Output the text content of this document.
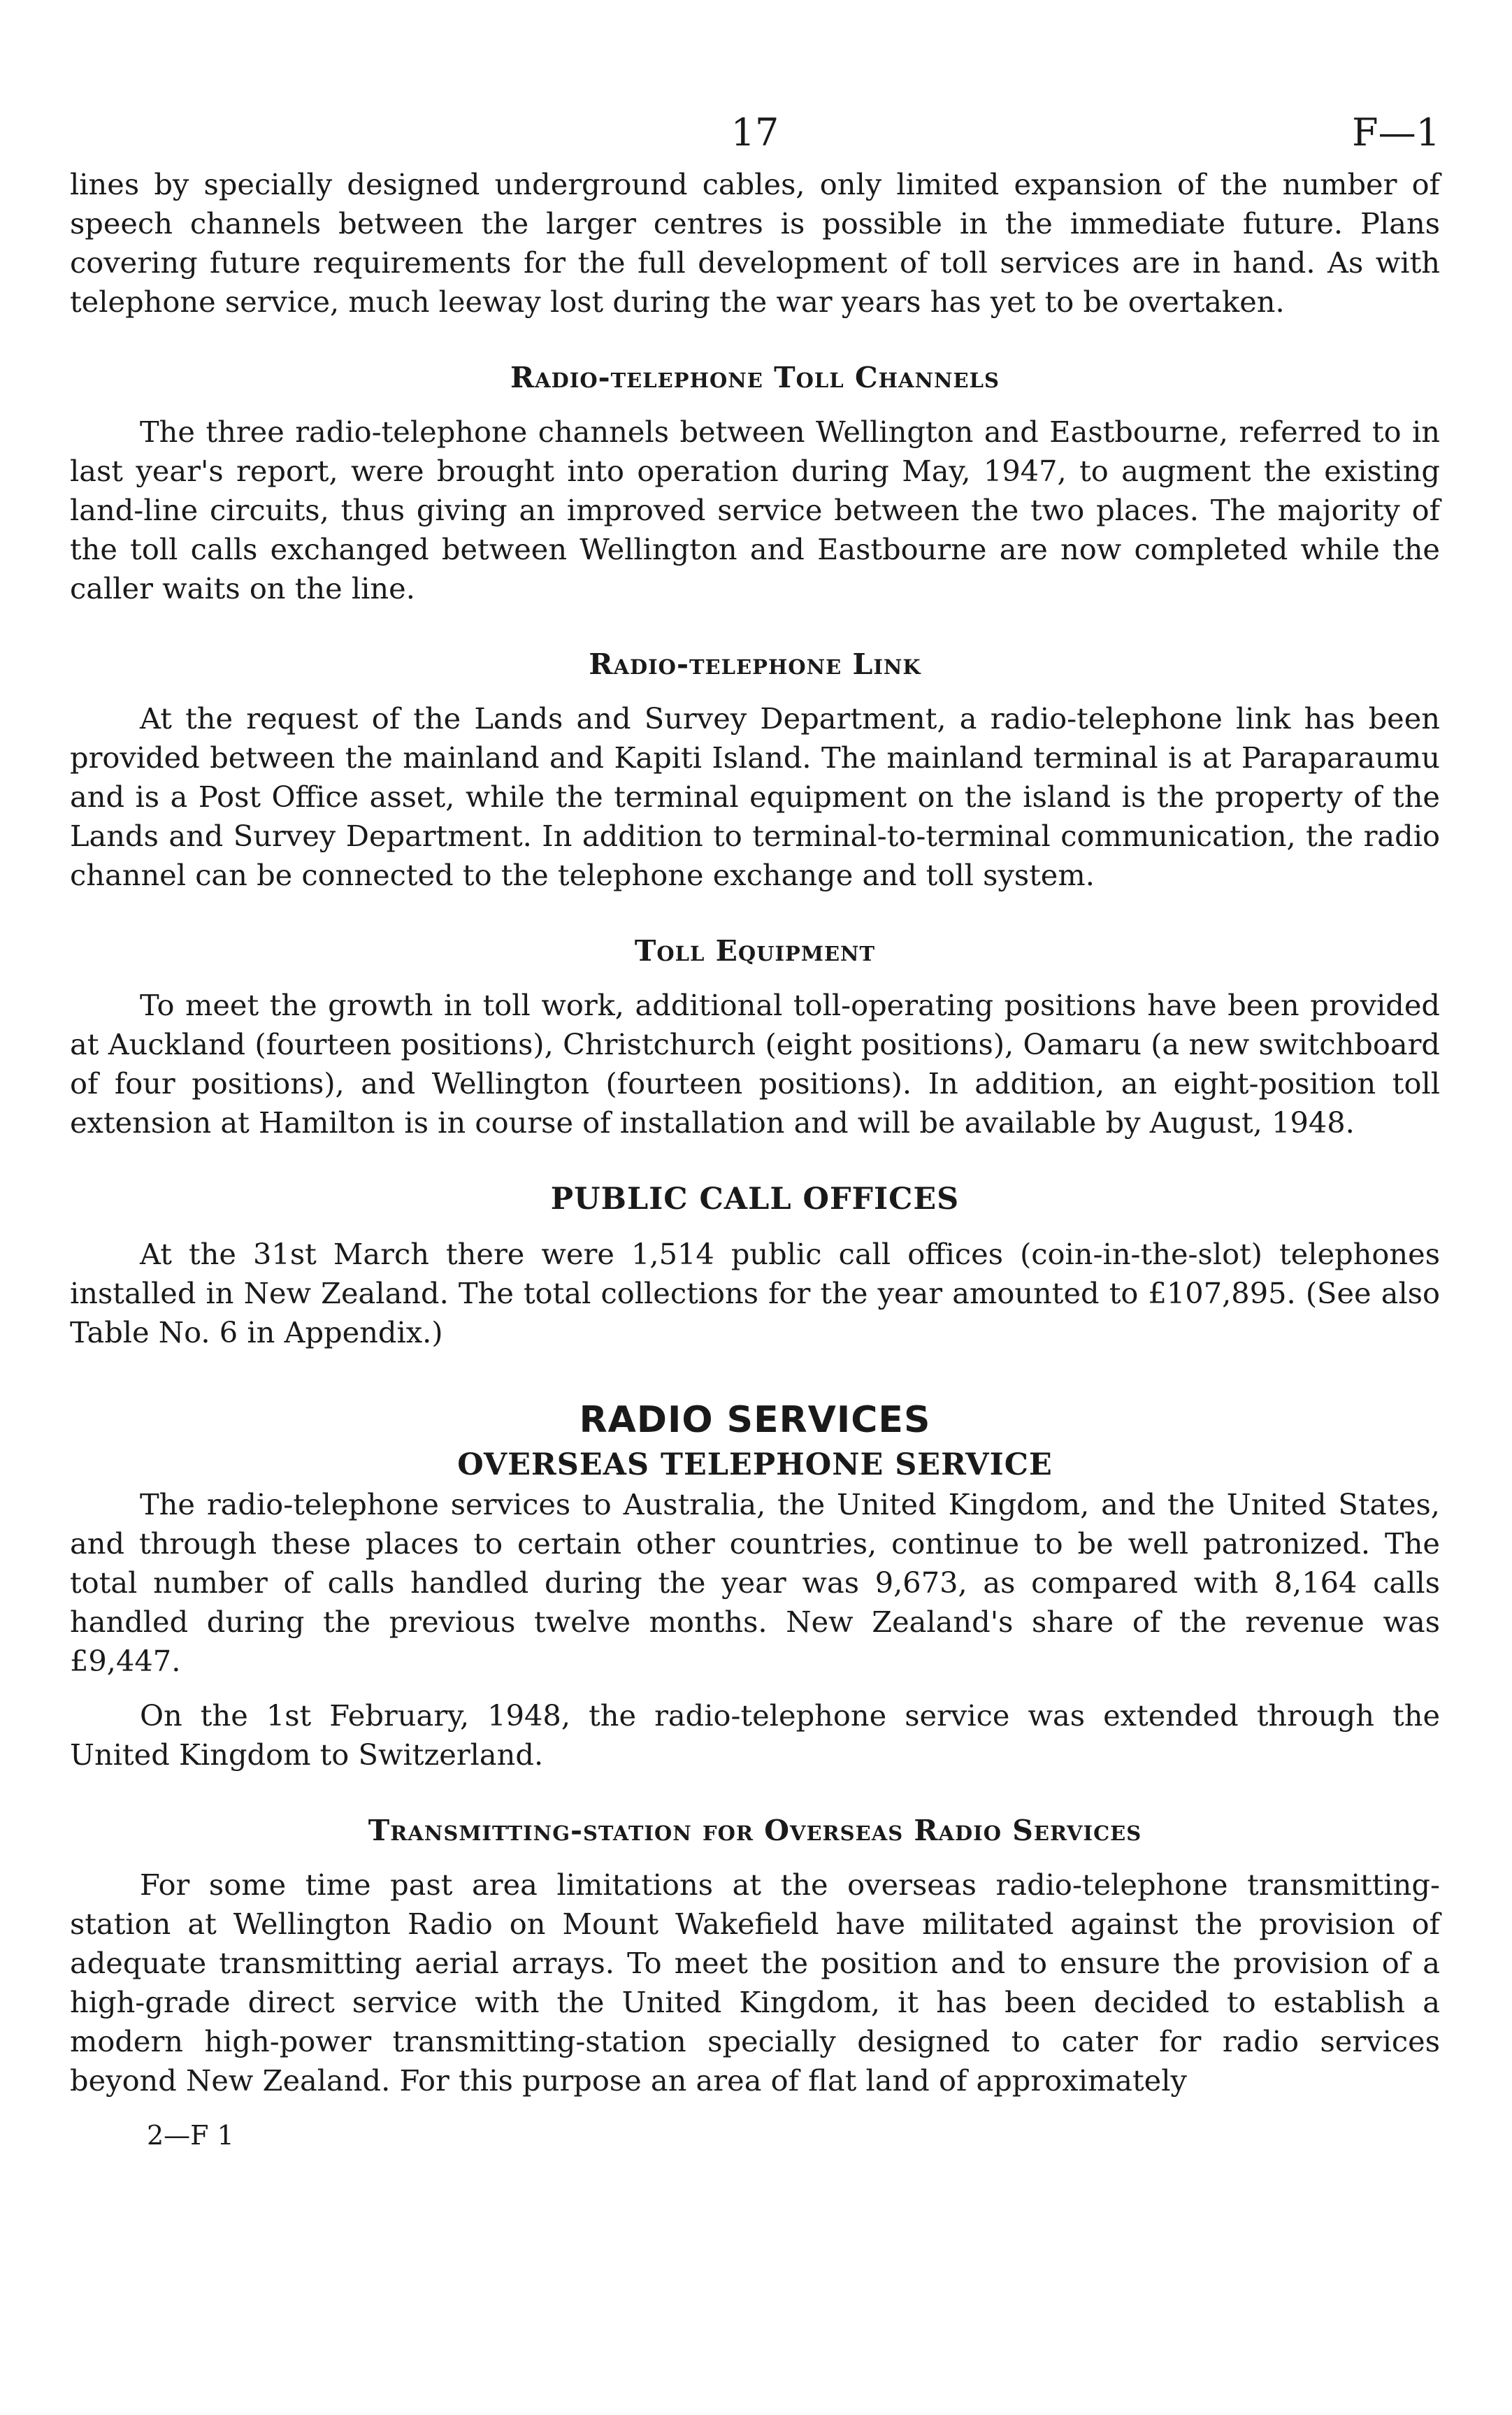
17	F—1

lines by specially designed underground cables, only limited expansion of the number of speech channels between the larger centres is possible in the immediate future. Plans covering future requirements for the full development of toll services are in hand. As with telephone service, much leeway lost during the war years has yet to be overtaken.

Radio-telephone Toll Channels

The three radio-telephone channels between Wellington and Eastbourne, referred to in last year's report, were brought into operation during May, 1947, to augment the existing land-line circuits, thus giving an improved service between the two places. The majority of the toll calls exchanged between Wellington and Eastbourne are now completed while the caller waits on the line.

Radio-telephone Link

At the request of the Lands and Survey Department, a radio-telephone link has been provided between the mainland and Kapiti Island. The mainland terminal is at Paraparaumu and is a Post Office asset, while the terminal equipment on the island is the property of the Lands and Survey Department. In addition to terminal-to-terminal communication, the radio channel can be connected to the telephone exchange and toll system.

Toll Equipment

To meet the growth in toll work, additional toll-operating positions have been provided at Auckland (fourteen positions), Christchurch (eight positions), Oamaru (a new switchboard of four positions), and Wellington (fourteen positions). In addition, an eight-position toll extension at Hamilton is in course of installation and will be available by August, 1948.

PUBLIC CALL OFFICES

At the 31st March there were 1,514 public call offices (coin-in-the-slot) telephones installed in New Zealand. The total collections for the year amounted to £107,895. (See also Table No. 6 in Appendix.)

RADIO SERVICES
OVERSEAS TELEPHONE SERVICE

The radio-telephone services to Australia, the United Kingdom, and the United States, and through these places to certain other countries, continue to be well patronized. The total number of calls handled during the year was 9,673, as compared with 8,164 calls handled during the previous twelve months. New Zealand's share of the revenue was £9,447.

On the 1st February, 1948, the radio-telephone service was extended through the United Kingdom to Switzerland.

Transmitting-station for Overseas Radio Services

For some time past area limitations at the overseas radio-telephone transmitting-station at Wellington Radio on Mount Wakefield have militated against the provision of adequate transmitting aerial arrays. To meet the position and to ensure the provision of a high-grade direct service with the United Kingdom, it has been decided to establish a modern high-power transmitting-station specially designed to cater for radio services beyond New Zealand. For this purpose an area of flat land of approximately

2—F 1
